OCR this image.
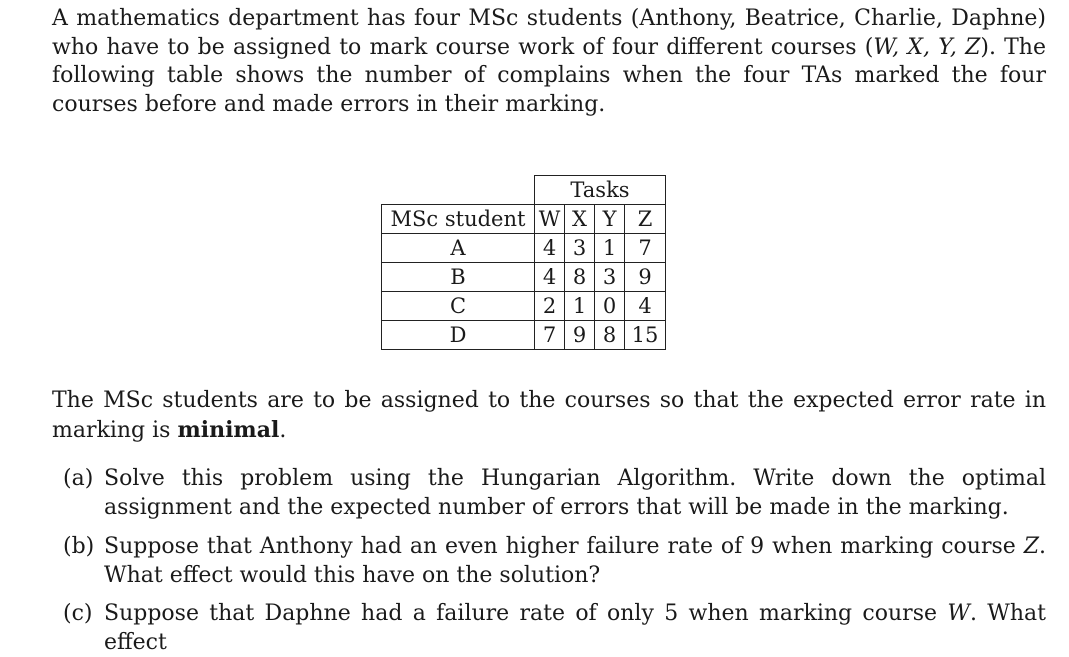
A mathematics department has four MSc students (Anthony, Beatrice, Charlie, Daphne) who have to be assigned to mark course work of four different courses (W, X, Y, Z). The following table shows the number of complains when the four TAs marked the four courses before and made errors in their marking.
	Tasks			
MSc student	W	X	Y	Z
A	4	3	1	7
B	4	8	3	9
C	2	1	0	4
D	7	9	8	15
The MSc students are to be assigned to the courses so that the expected error rate in marking is minimal.
(a) Solve this problem using the Hungarian Algorithm. Write down the optimal assignment and the expected number of errors that will be made in the marking.
(b) Suppose that Anthony had an even higher failure rate of 9 when marking course Z. What effect would this have on the solution?
(c) Suppose that Daphne had a failure rate of only 5 when marking course W. What effect
